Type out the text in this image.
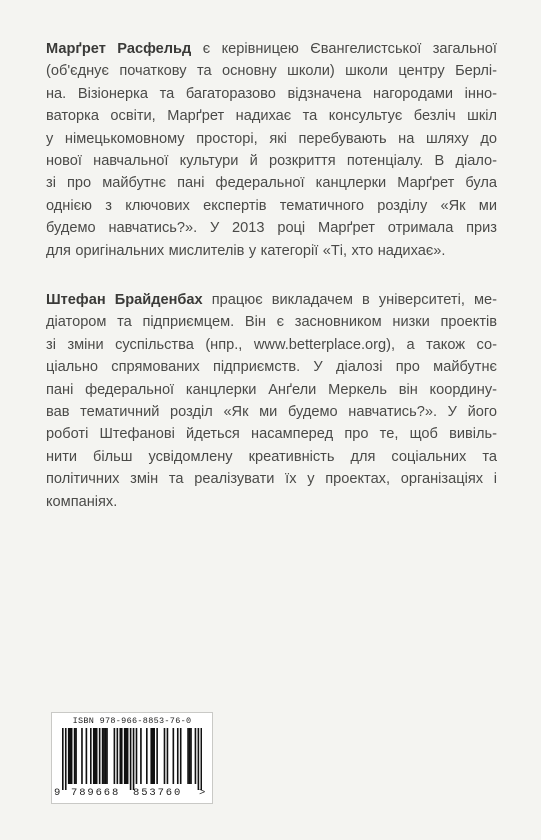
Марґрет Расфельд є керівницею Євангелистської загальної
(об'єднує початкову та основну школи) школи центру Берлі-
на. Візіонерка та багаторазово відзначена нагородами інно-
ваторка освіти, Марґрет надихає та консультує безліч шкіл
у німецькомовному просторі, які перебувають на шляху до
нової навчальної культури й розкриття потенціалу. В діало-
зі про майбутнє пані федеральної канцлерки Марґрет була
однією з ключових експертів тематичного розділу «Як ми
будемо навчатись?». У 2013 році Марґрет отримала приз
для оригінальних мислителів у категорії «Ті, хто надихає».
Штефан Брайденбах працює викладачем в університеті, ме-
діатором та підприємцем. Він є засновником низки проектів
зі зміни суспільства (нпр., www.betterplace.org), а також со-
ціально спрямованих підприємств. У діалозі про майбутнє
пані федеральної канцлерки Анґели Меркель він координу-
вав тематичний розділ «Як ми будемо навчатись?». У його
роботі Штефанові йдеться насамперед про те, щоб вивіль-
нити більш усвідомлену креативність для соціальних та
політичних змін та реалізувати їх у проектах, організаціях і
компаніях.
ISBN 978-966-8853-76-0
9 789668 853760 >
